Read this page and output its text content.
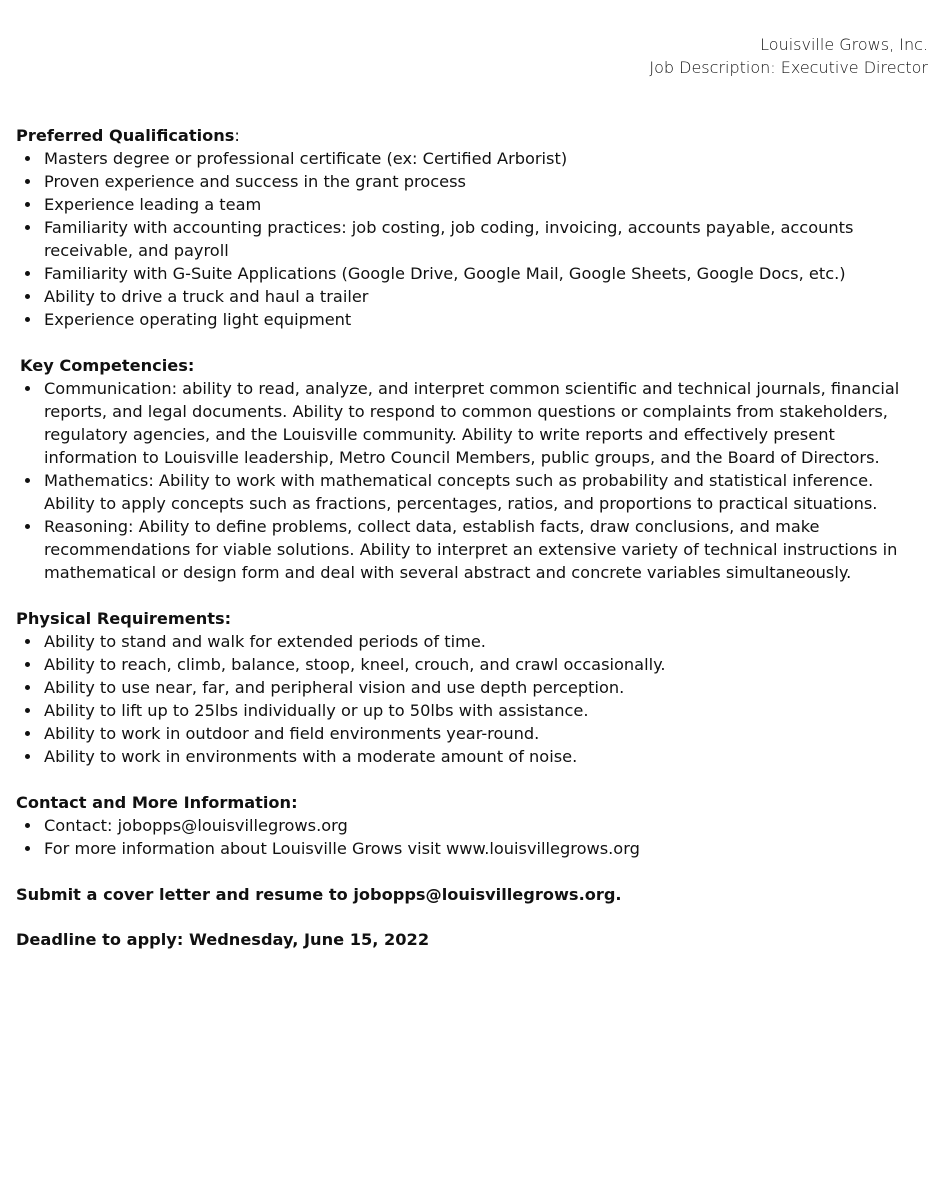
Louisville Grows, Inc.
Job Description: Executive Director

Preferred Qualifications:

Masters degree or professional certificate (ex: Certified Arborist)
Proven experience and success in the grant process
Experience leading a team
Familiarity with accounting practices: job costing, job coding, invoicing, accounts payable, accounts receivable, and payroll
Familiarity with G-Suite Applications (Google Drive, Google Mail, Google Sheets, Google Docs, etc.)
Ability to drive a truck and haul a trailer
Experience operating light equipment

Key Competencies:

Communication: ability to read, analyze, and interpret common scientific and technical journals, financial reports, and legal documents. Ability to respond to common questions or complaints from stakeholders, regulatory agencies, and the Louisville community. Ability to write reports and effectively present information to Louisville leadership, Metro Council Members, public groups, and the Board of Directors.
Mathematics: Ability to work with mathematical concepts such as probability and statistical inference. Ability to apply concepts such as fractions, percentages, ratios, and proportions to practical situations.
Reasoning: Ability to define problems, collect data, establish facts, draw conclusions, and make recommendations for viable solutions. Ability to interpret an extensive variety of technical instructions in mathematical or design form and deal with several abstract and concrete variables simultaneously.

Physical Requirements:

Ability to stand and walk for extended periods of time.
Ability to reach, climb, balance, stoop, kneel, crouch, and crawl occasionally.
Ability to use near, far, and peripheral vision and use depth perception.
Ability to lift up to 25lbs individually or up to 50lbs with assistance.
Ability to work in outdoor and field environments year-round.
Ability to work in environments with a moderate amount of noise.

Contact and More Information:

Contact: jobopps@louisvillegrows.org
For more information about Louisville Grows visit www.louisvillegrows.org

Submit a cover letter and resume to jobopps@louisvillegrows.org.

Deadline to apply: Wednesday, June 15, 2022
